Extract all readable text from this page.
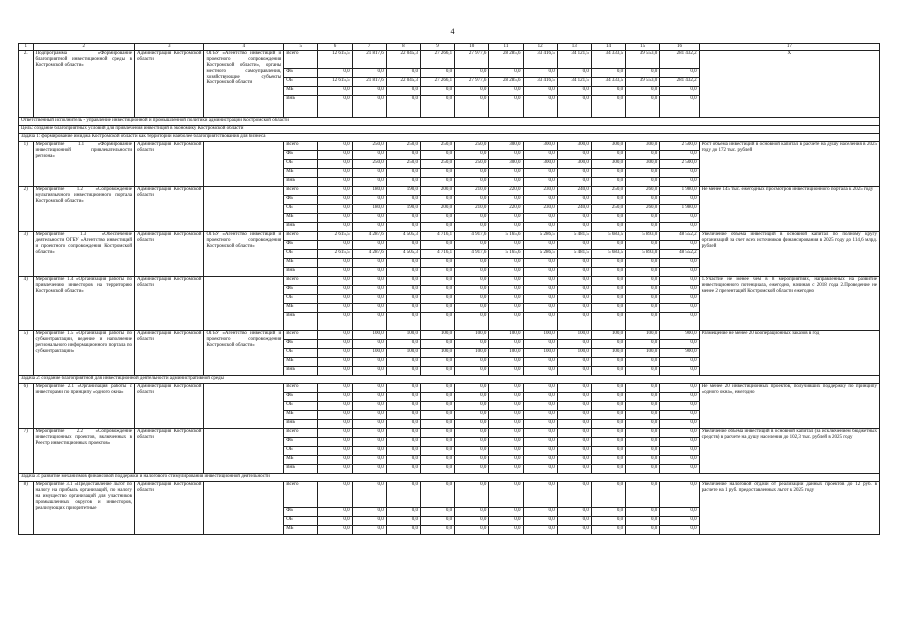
4
1	2	3	4	5	6	7	8	9	10	11	12	13	14	15	16	17
2.	Подпрограмма «Формирование благоприятной инвестиционной среды в Костромской области»	Администрация Костромской области	ОГБУ «Агентство инвестиций и проектного сопровождения Костромской области», органы местного самоуправления, хозяйствующие субъекты Костромской области	Всего	12 615,5	21 817,6	22 045,3	27 266,1	27 977,6	28 285,6	33 416,5	34 121,5	34 333,5	39 553,0	281 432,2	Х
				ФБ	0,0	0,0	0,0	0,0	0,0	0,0	0,0	0,0	0,0	0,0	0,0	
				ОБ	12 615,5	21 817,6	22 045,3	27 266,1	27 977,6	28 285,6	33 416,5	34 121,5	34 333,5	39 553,0	281 432,2	
				МБ	0,0	0,0	0,0	0,0	0,0	0,0	0,0	0,0	0,0	0,0	0,0	
				ВнБ	0,0	0,0	0,0	0,0	0,0	0,0	0,0	0,0	0,0	0,0	0,0	
Ответственный исполнитель - управление инвестиционной и промышленной политики администрации Костромской области																
Цель: создание благоприятных условий для привлечения инвестиций в экономику Костромской области																
Задача 1: формирование имиджа Костромской области как территории наиболее благоприятствования для бизнеса																
1)	Мероприятие 1.1 «Формирование инвестиционной привлекательности региона»	Администрация Костромской области		Всего	0,0	250,0	250,0	250,0	250,0	300,0	300,0	300,0	300,0	300,0	2 500,0	Рост объема инвестиций в основной капитал в расчете на душу населения в 2025 году до 172 тыс. рублей
				ФБ	0,0	0,0	0,0	0,0	0,0	0,0	0,0	0,0	0,0	0,0	0,0	
				ОБ	0,0	250,0	250,0	250,0	250,0	300,0	300,0	300,0	300,0	300,0	2 500,0	
				МБ	0,0	0,0	0,0	0,0	0,0	0,0	0,0	0,0	0,0	0,0	0,0	
				ВнБ	0,0	0,0	0,0	0,0	0,0	0,0	0,0	0,0	0,0	0,0	0,0	
2)	Мероприятие 1.2 «Сопровождение мультиязычного инвестиционного портала Костромской области»	Администрация Костромской области		Всего	0,0	180,0	190,0	200,0	210,0	220,0	230,0	240,0	250,0	260,0	1 980,0	Не менее 145 тыс. ежегодных просмотров инвестиционного портала к 2025 году
				ФБ	0,0	0,0	0,0	0,0	0,0	0,0	0,0	0,0	0,0	0,0	0,0	
				ОБ	0,0	180,0	190,0	200,0	210,0	220,0	230,0	240,0	250,0	260,0	1 980,0	
				МБ	0,0	0,0	0,0	0,0	0,0	0,0	0,0	0,0	0,0	0,0	0,0	
				ВнБ	0,0	0,0	0,0	0,0	0,0	0,0	0,0	0,0	0,0	0,0	0,0	
3)	Мероприятие 1.3 «Обеспечение деятельности ОГБУ «Агентство инвестиций и проектного сопровождения Костромской области»	Администрация Костромской области	ОГБУ «Агентство инвестиций и проектного сопровождения Костромской области»	Всего	2 615,5	4 287,6	4 505,3	4 716,1	4 917,6	5 165,6	5 286,5	5 481,5	5 683,5	5 893,0	48 552,2	Увеличение объема инвестиций в основной капитал по полному кругу организаций за счет всех источников финансирования в 2025 году до 114,6 млрд. рублей
				ФБ	0,0	0,0	0,0	0,0	0,0	0,0	0,0	0,0	0,0	0,0	0,0	
				ОБ	2 615,5	4 287,6	4 505,3	4 716,1	4 917,6	5 165,6	5 286,5	5 481,5	5 683,5	5 893,0	48 552,2	
				МБ	0,0	0,0	0,0	0,0	0,0	0,0	0,0	0,0	0,0	0,0	0,0	
				ВнБ	0,0	0,0	0,0	0,0	0,0	0,0	0,0	0,0	0,0	0,0	0,0	
4)	Мероприятие 1.4 «Организация работы по привлечению инвесторов на территорию Костромской области»	Администрация Костромской области		Всего	0,0	0,0	0,0	0,0	0,0	0,0	0,0	0,0	0,0	0,0	0,0	1.Участие не менее чем в 8 мероприятиях, направленных на развитие инвестиционного потенциала, ежегодно, начиная с 2018 года 2.Проведение не менее 2 презентаций Костромской области ежегодно
				ФБ	0,0	0,0	0,0	0,0	0,0	0,0	0,0	0,0	0,0	0,0	0,0	
				ОБ	0,0	0,0	0,0	0,0	0,0	0,0	0,0	0,0	0,0	0,0	0,0	
				МБ	0,0	0,0	0,0	0,0	0,0	0,0	0,0	0,0	0,0	0,0	0,0	
				ВнБ	0,0	0,0	0,0	0,0	0,0	0,0	0,0	0,0	0,0	0,0	0,0	
5)	Мероприятие 1.5 «Организация работы по субконтрактации, ведение и наполнение регионального информационного портала по субконтрактации»	Администрация Костромской области	ОГБУ «Агентство инвестиций и проектного сопровождения Костромской области»	Всего	0,0	100,0	100,0	100,0	100,0	100,0	100,0	100,0	100,0	100,0	900,0	Размещение не менее 20 кооперационных заказов в год
				ФБ	0,0	0,0	0,0	0,0	0,0	0,0	0,0	0,0	0,0	0,0	0,0	
				ОБ	0,0	100,0	100,0	100,0	100,0	100,0	100,0	100,0	100,0	100,0	900,0	
				МБ	0,0	0,0	0,0	0,0	0,0	0,0	0,0	0,0	0,0	0,0	0,0	
				ВнБ	0,0	0,0	0,0	0,0	0,0	0,0	0,0	0,0	0,0	0,0	0,0	
Задача 2: создание благоприятной для инвестиционной деятельности административной среды																
6)	Мероприятие 2.1 «Организация работы с инвесторами по принципу «одного окна»	Администрация Костромской области		Всего	0,0	0,0	0,0	0,0	0,0	0,0	0,0	0,0	0,0	0,0	0,0	Не менее 20 инвестиционных проектов, получивших поддержку по принципу «одного окна», ежегодно
				ФБ	0,0	0,0	0,0	0,0	0,0	0,0	0,0	0,0	0,0	0,0	0,0	
				ОБ	0,0	0,0	0,0	0,0	0,0	0,0	0,0	0,0	0,0	0,0	0,0	
				МБ	0,0	0,0	0,0	0,0	0,0	0,0	0,0	0,0	0,0	0,0	0,0	
				ВнБ	0,0	0,0	0,0	0,0	0,0	0,0	0,0	0,0	0,0	0,0	0,0	
7)	Мероприятие 2.2 «Сопровождение инвестиционных проектов, включенных в Реестр инвестиционных проектов»	Администрация Костромской области		Всего	0,0	0,0	0,0	0,0	0,0	0,0	0,0	0,0	0,0	0,0	0,0	Увеличение объема инвестиций в основной капитал (за исключением бюджетных средств) в расчете на душу населения до 102,3 тыс. рублей в 2025 году
				ФБ	0,0	0,0	0,0	0,0	0,0	0,0	0,0	0,0	0,0	0,0	0,0	
				ОБ	0,0	0,0	0,0	0,0	0,0	0,0	0,0	0,0	0,0	0,0	0,0	
				МБ	0,0	0,0	0,0	0,0	0,0	0,0	0,0	0,0	0,0	0,0	0,0	
				ВнБ	0,0	0,0	0,0	0,0	0,0	0,0	0,0	0,0	0,0	0,0	0,0	
Задача 3: развитие механизмов финансовой поддержки и налогового стимулирования инвестиционной деятельности																
8)	Мероприятие 3.1 «Предоставление льгот по налогу на прибыль организаций, по налогу на имущество организаций для участников промышленных округов и инвесторов, реализующих приоритетные	Администрация Костромской области		Всего	0,0	0,0	0,0	0,0	0,0	0,0	0,0	0,0	0,0	0,0	0,0	Увеличение налоговой отдачи от реализации данных проектов до 12 руб. в расчете на 1 руб. предоставленных льгот к 2025 году
				ФБ	0,0	0,0	0,0	0,0	0,0	0,0	0,0	0,0	0,0	0,0	0,0	
				ОБ	0,0	0,0	0,0	0,0	0,0	0,0	0,0	0,0	0,0	0,0	0,0	
				МБ	0,0	0,0	0,0	0,0	0,0	0,0	0,0	0,0	0,0	0,0	0,0	
